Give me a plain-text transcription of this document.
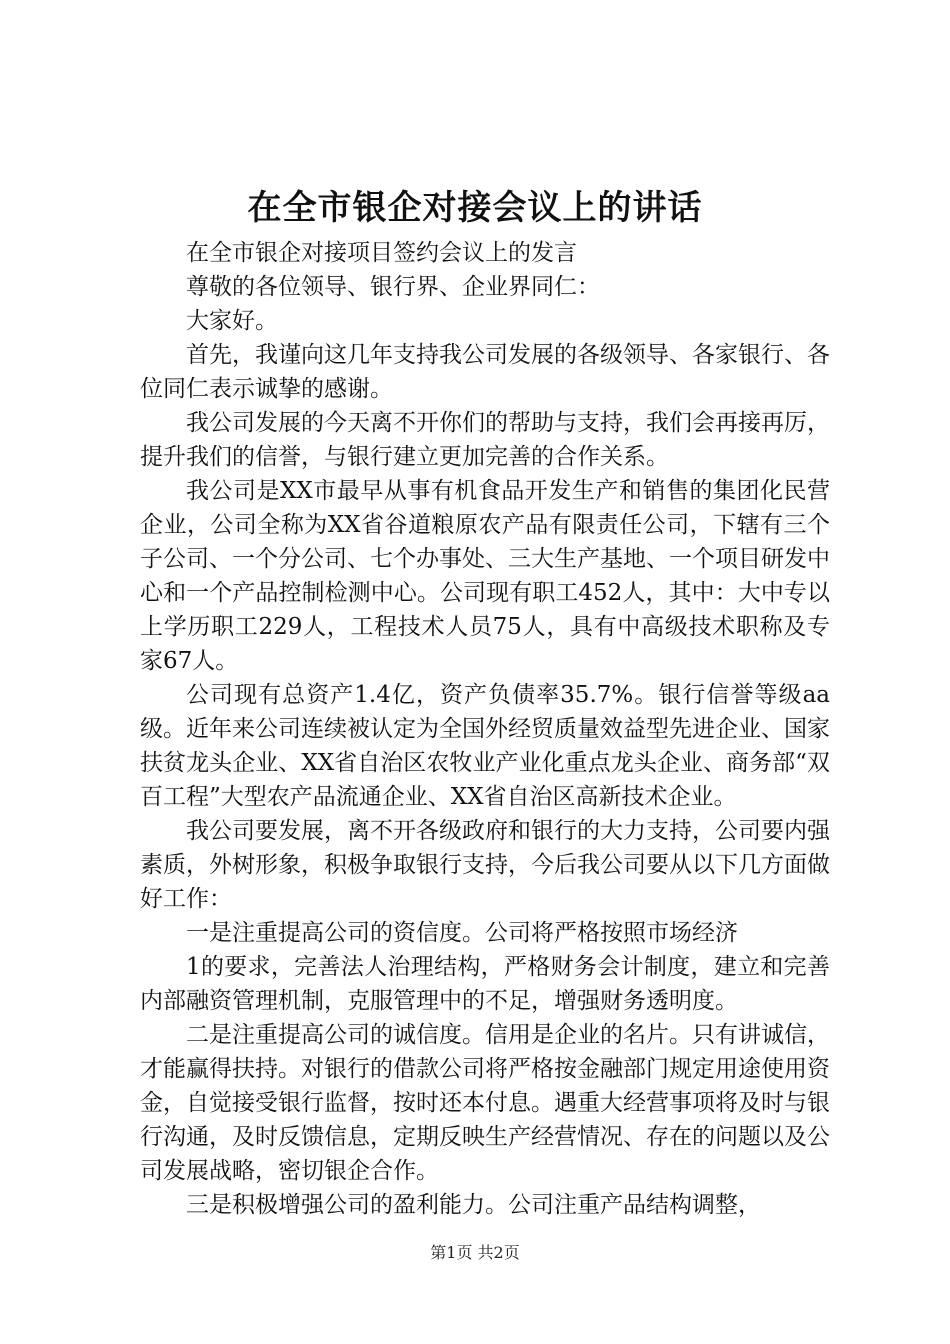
在全市银企对接会议上的讲话

在全市银企对接项目签约会议上的发言

尊敬的各位领导、银行界、企业界同仁：

大家好。

首先，我谨向这几年支持我公司发展的各级领导、各家银行、各位同仁表示诚挚的感谢。

我公司发展的今天离不开你们的帮助与支持，我们会再接再厉，提升我们的信誉，与银行建立更加完善的合作关系。

我公司是XX市最早从事有机食品开发生产和销售的集团化民营企业，公司全称为XX省谷道粮原农产品有限责任公司，下辖有三个子公司、一个分公司、七个办事处、三大生产基地、一个项目研发中心和一个产品控制检测中心。公司现有职工452人，其中：大中专以上学历职工229人，工程技术人员75人，具有中高级技术职称及专家67人。

公司现有总资产1.4亿，资产负债率35.7%。银行信誉等级aa级。近年来公司连续被认定为全国外经贸质量效益型先进企业、国家扶贫龙头企业、XX省自治区农牧业产业化重点龙头企业、商务部“双百工程”大型农产品流通企业、XX省自治区高新技术企业。

我公司要发展，离不开各级政府和银行的大力支持，公司要内强素质，外树形象，积极争取银行支持，今后我公司要从以下几方面做好工作：

一是注重提高公司的资信度。公司将严格按照市场经济

1的要求，完善法人治理结构，严格财务会计制度，建立和完善内部融资管理机制，克服管理中的不足，增强财务透明度。

二是注重提高公司的诚信度。信用是企业的名片。只有讲诚信，才能赢得扶持。对银行的借款公司将严格按金融部门规定用途使用资金，自觉接受银行监督，按时还本付息。遇重大经营事项将及时与银行沟通，及时反馈信息，定期反映生产经营情况、存在的问题以及公司发展战略，密切银企合作。

三是积极增强公司的盈利能力。公司注重产品结构调整，

第1页 共2页
